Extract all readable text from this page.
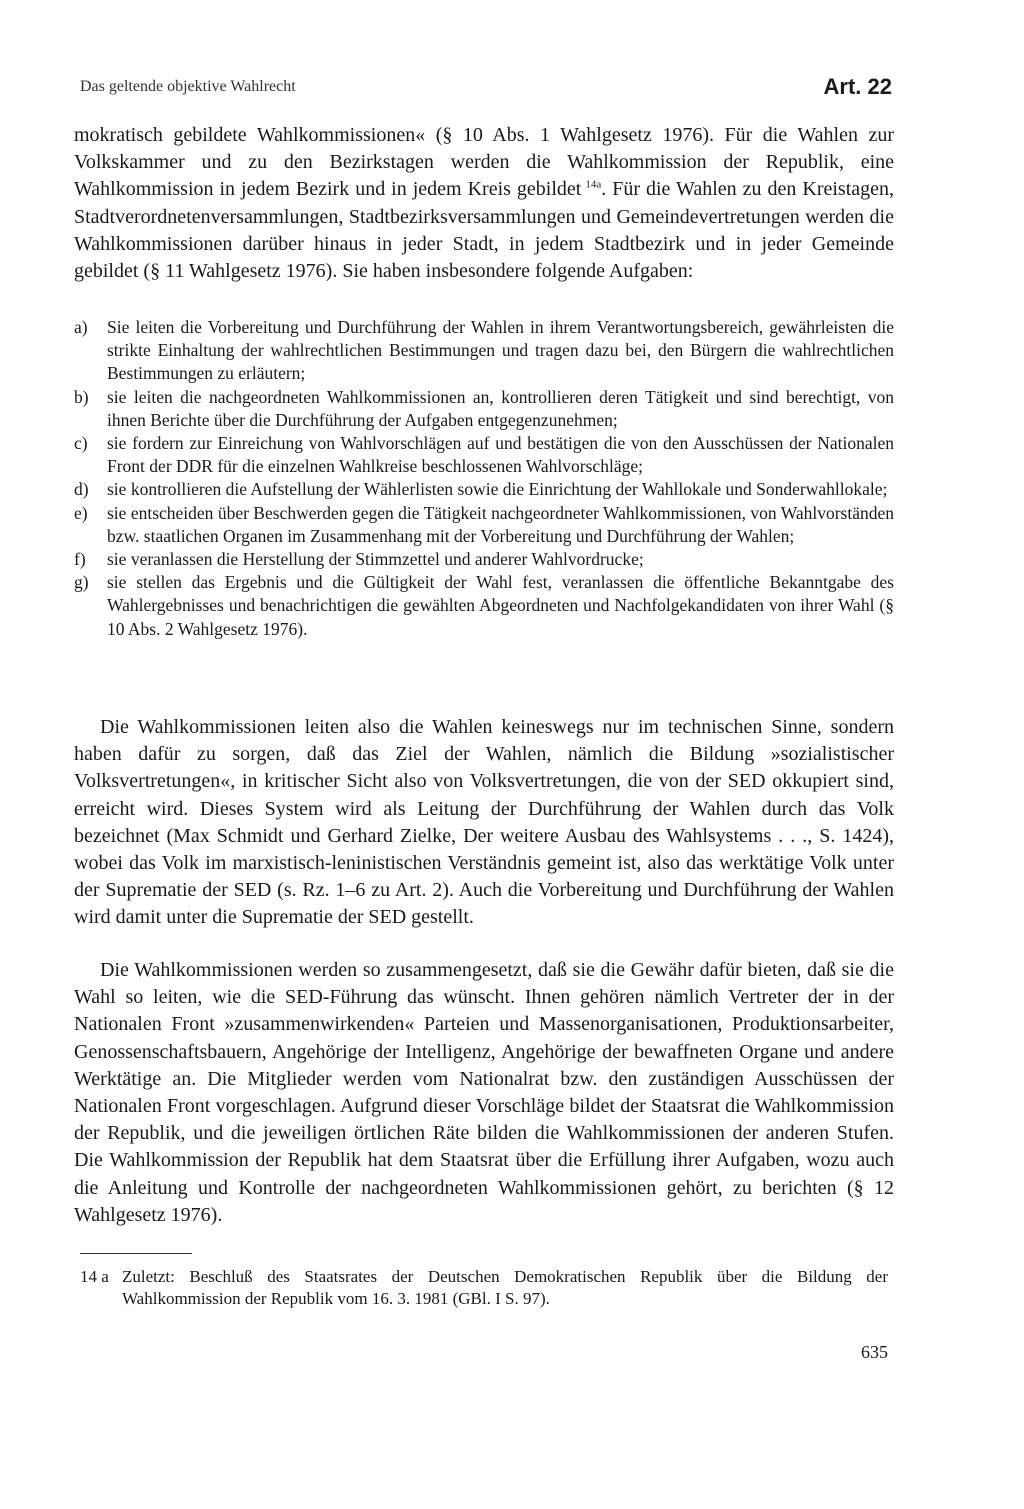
Das geltende objektive Wahlrecht	Art. 22

mokratisch gebildete Wahlkommissionen« (§ 10 Abs. 1 Wahlgesetz 1976). Für die Wahlen zur Volkskammer und zu den Bezirkstagen werden die Wahlkommission der Republik, eine Wahlkommission in jedem Bezirk und in jedem Kreis gebildet  $^{14a}$. Für die Wahlen zu den Kreistagen, Stadtverordnetenversammlungen, Stadtbezirksversammlungen und Gemeindevertretungen werden die Wahlkommissionen darüber hinaus in jeder Stadt, in jedem Stadtbezirk und in jeder Gemeinde gebildet (§ 11 Wahlgesetz 1976). Sie haben insbesondere folgende Aufgaben:

a) Sie leiten die Vorbereitung und Durchführung der Wahlen in ihrem Verantwortungsbereich, gewährleisten die strikte Einhaltung der wahlrechtlichen Bestimmungen und tragen dazu bei, den Bürgern die wahlrechtlichen Bestimmungen zu erläutern;
b) sie leiten die nachgeordneten Wahlkommissionen an, kontrollieren deren Tätigkeit und sind berechtigt, von ihnen Berichte über die Durchführung der Aufgaben entgegenzunehmen;
c) sie fordern zur Einreichung von Wahlvorschlägen auf und bestätigen die von den Ausschüssen der Nationalen Front der DDR für die einzelnen Wahlkreise beschlossenen Wahlvorschläge;
d) sie kontrollieren die Aufstellung der Wählerlisten sowie die Einrichtung der Wahllokale und Sonderwahllokale;
e) sie entscheiden über Beschwerden gegen die Tätigkeit nachgeordneter Wahlkommissionen, von Wahlvorständen bzw. staatlichen Organen im Zusammenhang mit der Vorbereitung und Durchführung der Wahlen;
f) sie veranlassen die Herstellung der Stimmzettel und anderer Wahlvordrucke;
g) sie stellen das Ergebnis und die Gültigkeit der Wahl fest, veranlassen die öffentliche Bekanntgabe des Wahlergebnisses und benachrichtigen die gewählten Abgeordneten und Nachfolgekandidaten von ihrer Wahl (§ 10 Abs. 2 Wahlgesetz 1976).

Die Wahlkommissionen leiten also die Wahlen keineswegs nur im technischen Sinne, sondern haben dafür zu sorgen, daß das Ziel der Wahlen, nämlich die Bildung »sozialistischer Volksvertretungen«, in kritischer Sicht also von Volksvertretungen, die von der SED okkupiert sind, erreicht wird. Dieses System wird als Leitung der Durchführung der Wahlen durch das Volk bezeichnet (Max Schmidt und Gerhard Zielke, Der weitere Ausbau des Wahlsystems . . ., S. 1424), wobei das Volk im marxistisch-leninistischen Verständnis gemeint ist, also das werktätige Volk unter der Suprematie der SED (s. Rz. 1–6 zu Art. 2). Auch die Vorbereitung und Durchführung der Wahlen wird damit unter die Suprematie der SED gestellt.

Die Wahlkommissionen werden so zusammengesetzt, daß sie die Gewähr dafür bieten, daß sie die Wahl so leiten, wie die SED-Führung das wünscht. Ihnen gehören nämlich Vertreter der in der Nationalen Front »zusammenwirkenden« Parteien und Massenorganisationen, Produktionsarbeiter, Genossenschaftsbauern, Angehörige der Intelligenz, Angehörige der bewaffneten Organe und andere Werktätige an. Die Mitglieder werden vom Nationalrat bzw. den zuständigen Ausschüssen der Nationalen Front vorgeschlagen. Aufgrund dieser Vorschläge bildet der Staatsrat die Wahlkommission der Republik, und die jeweiligen örtlichen Räte bilden die Wahlkommissionen der anderen Stufen. Die Wahlkommission der Republik hat dem Staatsrat über die Erfüllung ihrer Aufgaben, wozu auch die Anleitung und Kontrolle der nachgeordneten Wahlkommissionen gehört, zu berichten (§ 12 Wahlgesetz 1976).

14 a Zuletzt: Beschluß des Staatsrates der Deutschen Demokratischen Republik über die Bildung der Wahlkommission der Republik vom 16. 3. 1981 (GBl. I S. 97).
635
